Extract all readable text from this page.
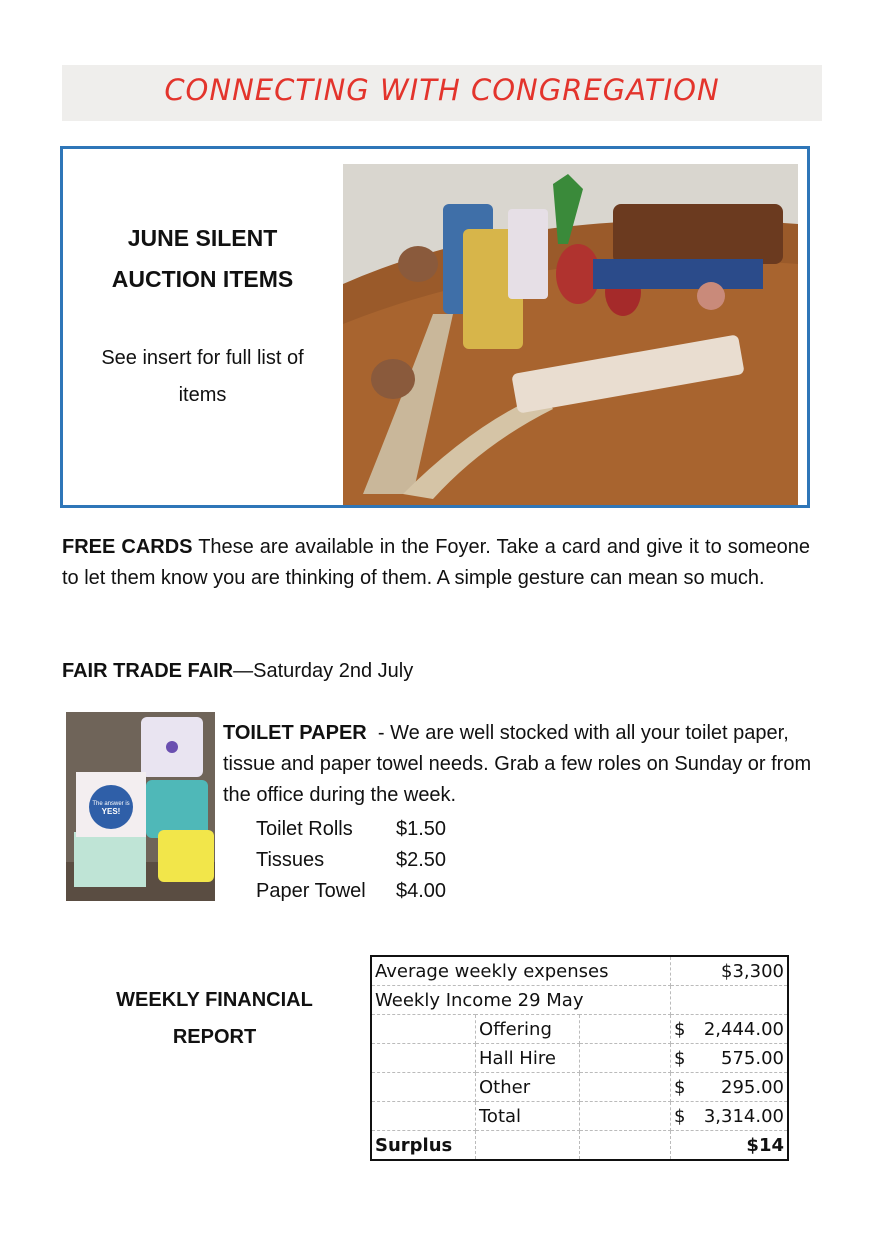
CONNECTING WITH CONGREGATION
JUNE SILENT
AUCTION ITEMS
See insert for full list of
items
FREE CARDS These are available in the Foyer. Take a card and give it to someone to let them know you are thinking of them. A simple gesture can mean so much.
FAIR TRADE FAIR—Saturday 2nd July
The answer is
YES!
TOILET PAPER  - We are well stocked with all your toilet paper, tissue and paper towel needs. Grab a few roles on Sunday or from the office during the week.
Toilet Rolls	$1.50
Tissues	$2.50
Paper Towel	$4.00
WEEKLY FINANCIAL
REPORT
Average weekly expenses			$3,300
Weekly Income 29 May			
	Offering		$ 2,444.00

	Hall Hire		$ 575.00

	Other		$ 295.00

	Total		$ 3,314.00

Surplus			$14
